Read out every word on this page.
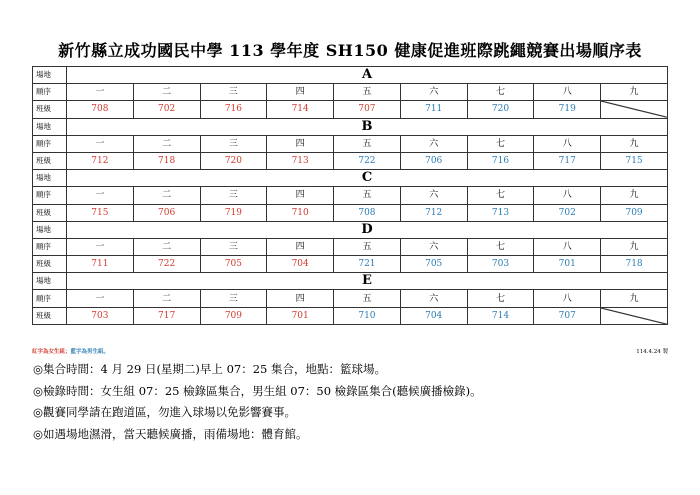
新竹縣立成功國民中學 113 學年度 SH150 健康促進班際跳繩競賽出場順序表
場地	A								
順序	一	二	三	四	五	六	七	八	九
班級	708	702	716	714	707	711	720	719	

場地	B								
順序	一	二	三	四	五	六	七	八	九
班級	712	718	720	713	722	706	716	717	715
場地	C								
順序	一	二	三	四	五	六	七	八	九
班級	715	706	719	710	708	712	713	702	709
場地	D								
順序	一	二	三	四	五	六	七	八	九
班級	711	722	705	704	721	705	703	701	718
場地	E								
順序	一	二	三	四	五	六	七	八	九
班級	703	717	709	701	710	704	714	707	
紅字為女生組；藍字為男生組。	114.4.24 製
◎集合時間：4 月 29 日(星期二)早上 07：25 集合，地點：籃球場。
◎檢錄時間：女生組 07：25 檢錄區集合，男生組 07：50 檢錄區集合(聽候廣播檢錄)。
◎觀賽同學請在跑道區，勿進入球場以免影響賽事。
◎如遇場地濕滑，當天聽候廣播，雨備場地：體育館。
